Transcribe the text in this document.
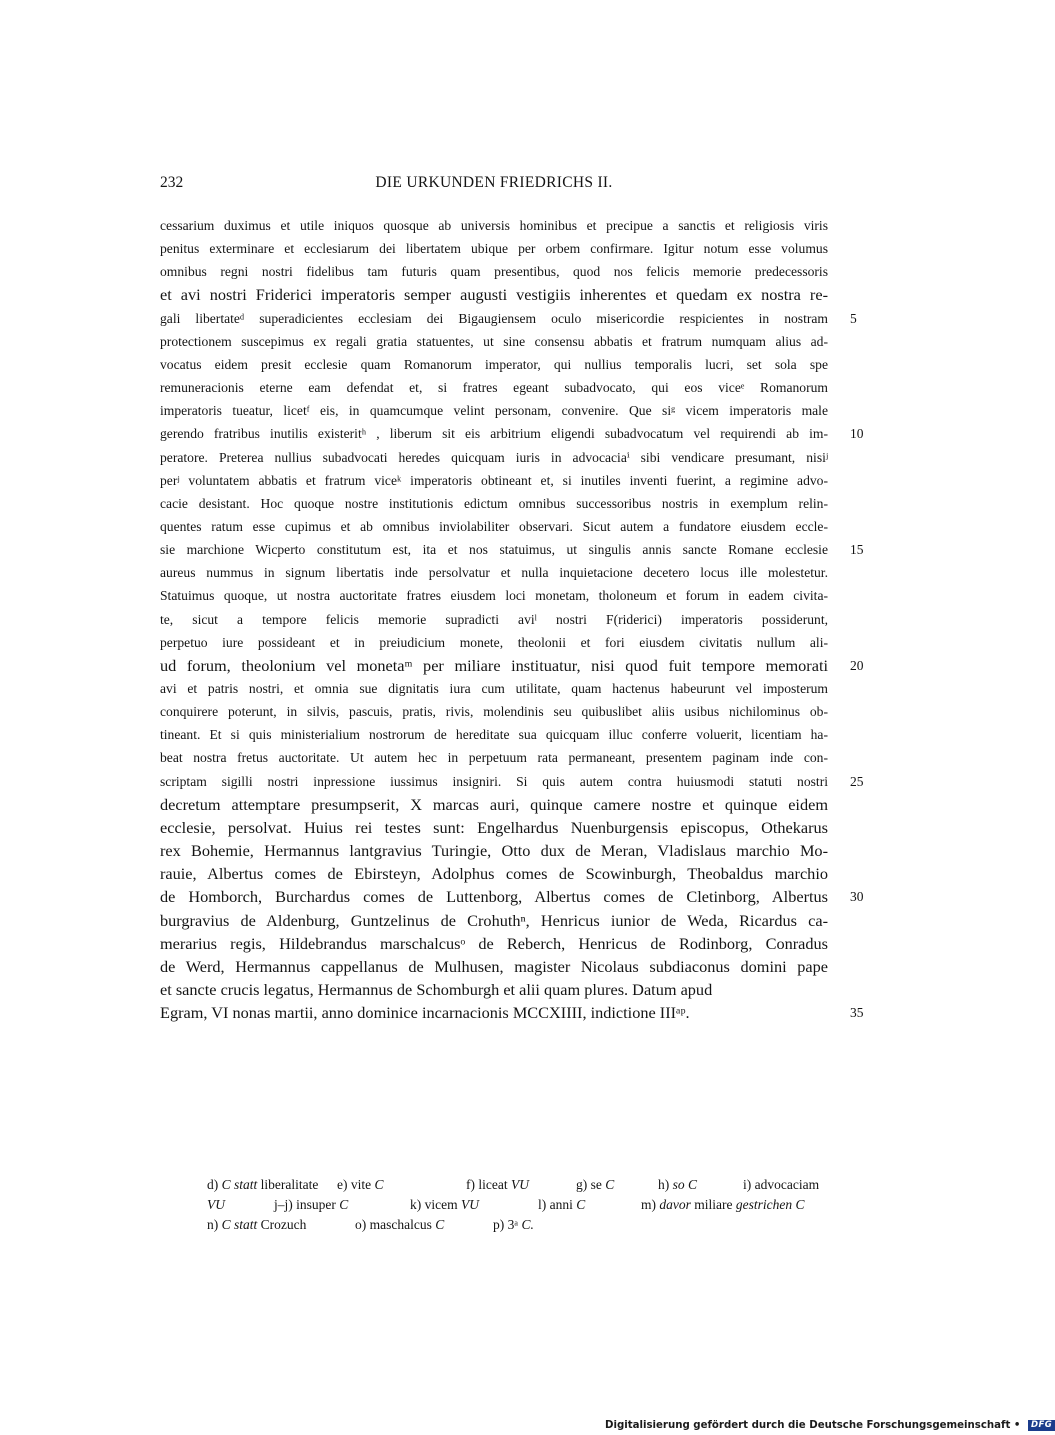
232	DIE URKUNDEN FRIEDRICHS II.
cessarium duximus et utile iniquos quosque ab universis hominibus et precipue a sanctis et religiosis viris
penitus exterminare et ecclesiarum dei libertatem ubique per orbem confirmare. Igitur notum esse volumus
omnibus regni nostri fidelibus tam futuris quam presentibus, quod nos felicis memorie predecessoris
et avi nostri Friderici imperatoris semper augusti vestigiis inherentes et quedam ex nostra re-
gali libertateᵈ superadicientes ecclesiam dei Bigaugiensem oculo misericordie respicientes in nostram
protectionem suscepimus ex regali gratia statuentes, ut sine consensu abbatis et fratrum numquam alius ad-
vocatus eidem presit ecclesie quam Romanorum imperator, qui nullius temporalis lucri, set sola spe
remuneracionis eterne eam defendat et, si fratres egeant subadvocato, qui eos viceᵉ Romanorum
imperatoris tueatur, licetᶠ eis, in quamcumque velint personam, convenire. Que siᵍ vicem imperatoris male
gerendo fratribus inutilis existeritʰ , liberum sit eis arbitrium eligendi subadvocatum vel requirendi ab im-
peratore. Preterea nullius subadvocati heredes quicquam iuris in advocaciaⁱ sibi vendicare presumant, nisiʲ
perʲ voluntatem abbatis et fratrum viceᵏ imperatoris obtineant et, si inutiles inventi fuerint, a regimine advo-
cacie desistant. Hoc quoque nostre institutionis edictum omnibus successoribus nostris in exemplum relin-
quentes ratum esse cupimus et ab omnibus inviolabiliter observari. Sicut autem a fundatore eiusdem eccle-
sie marchione Wicperto constitutum est, ita et nos statuimus, ut singulis annis sancte Romane ecclesie
aureus nummus in signum libertatis inde persolvatur et nulla inquietacione decetero locus ille molestetur.
Statuimus quoque, ut nostra auctoritate fratres eiusdem loci monetam, tholoneum et forum in eadem civita-
te, sicut a tempore felicis memorie supradicti aviˡ nostri F(riderici) imperatoris possiderunt,
perpetuo iure possideant et in preiudicium monete, theolonii et fori eiusdem civitatis nullum ali-
ud forum, theolonium vel monetaᵐ per miliare instituatur, nisi quod fuit tempore memorati
avi et patris nostri, et omnia sue dignitatis iura cum utilitate, quam hactenus habeurunt vel imposterum
conquirere poterunt, in silvis, pascuis, pratis, rivis, molendinis seu quibuslibet aliis usibus nichilominus ob-
tineant. Et si quis ministerialium nostrorum de hereditate sua quicquam illuc conferre voluerit, licentiam ha-
beat nostra fretus auctoritate. Ut autem hec in perpetuum rata permaneant, presentem paginam inde con-
scriptam sigilli nostri inpressione iussimus insigniri. Si quis autem contra huiusmodi statuti nostri
decretum attemptare presumpserit, X marcas auri, quinque camere nostre et quinque eidem
ecclesie, persolvat. Huius rei testes sunt: Engelhardus Nuenburgensis episcopus, Othekarus
rex Bohemie, Hermannus lantgravius Turingie, Otto dux de Meran, Vladislaus marchio Mo-
rauie, Albertus comes de Ebirsteyn, Adolphus comes de Scowinburgh, Theobaldus marchio
de Homborch, Burchardus comes de Luttenborg, Albertus comes de Cletinborg, Albertus
burgravius de Aldenburg, Guntzelinus de Crohuthⁿ, Henricus iunior de Weda, Ricardus ca-
merarius regis, Hildebrandus marschalcusᵒ de Reberch, Henricus de Rodinborg, Conradus
de Werd, Hermannus cappellanus de Mulhusen, magister Nicolaus subdiaconus domini pape
et sancte crucis legatus, Hermannus de Schomburgh et alii quam plures. Datum apud
Egram, VI nonas martii, anno dominice incarnacionis MCCXIIII, indictione IIIᵃᵖ.
5
10
15
20
25
30
35
d) C statt liberalitate e) vite C	f) liceat VU	g) se C	h) so C	i) advocaciam
VU	j–j) insuper C	k) vicem VU	l) anni C	m) davor miliare gestrichen C
n) C statt Crozuch	o) maschalcus C	p) 3ᵃ C.
Digitalisierung gefördert durch die Deutsche Forschungsgemeinschaft • DFG
